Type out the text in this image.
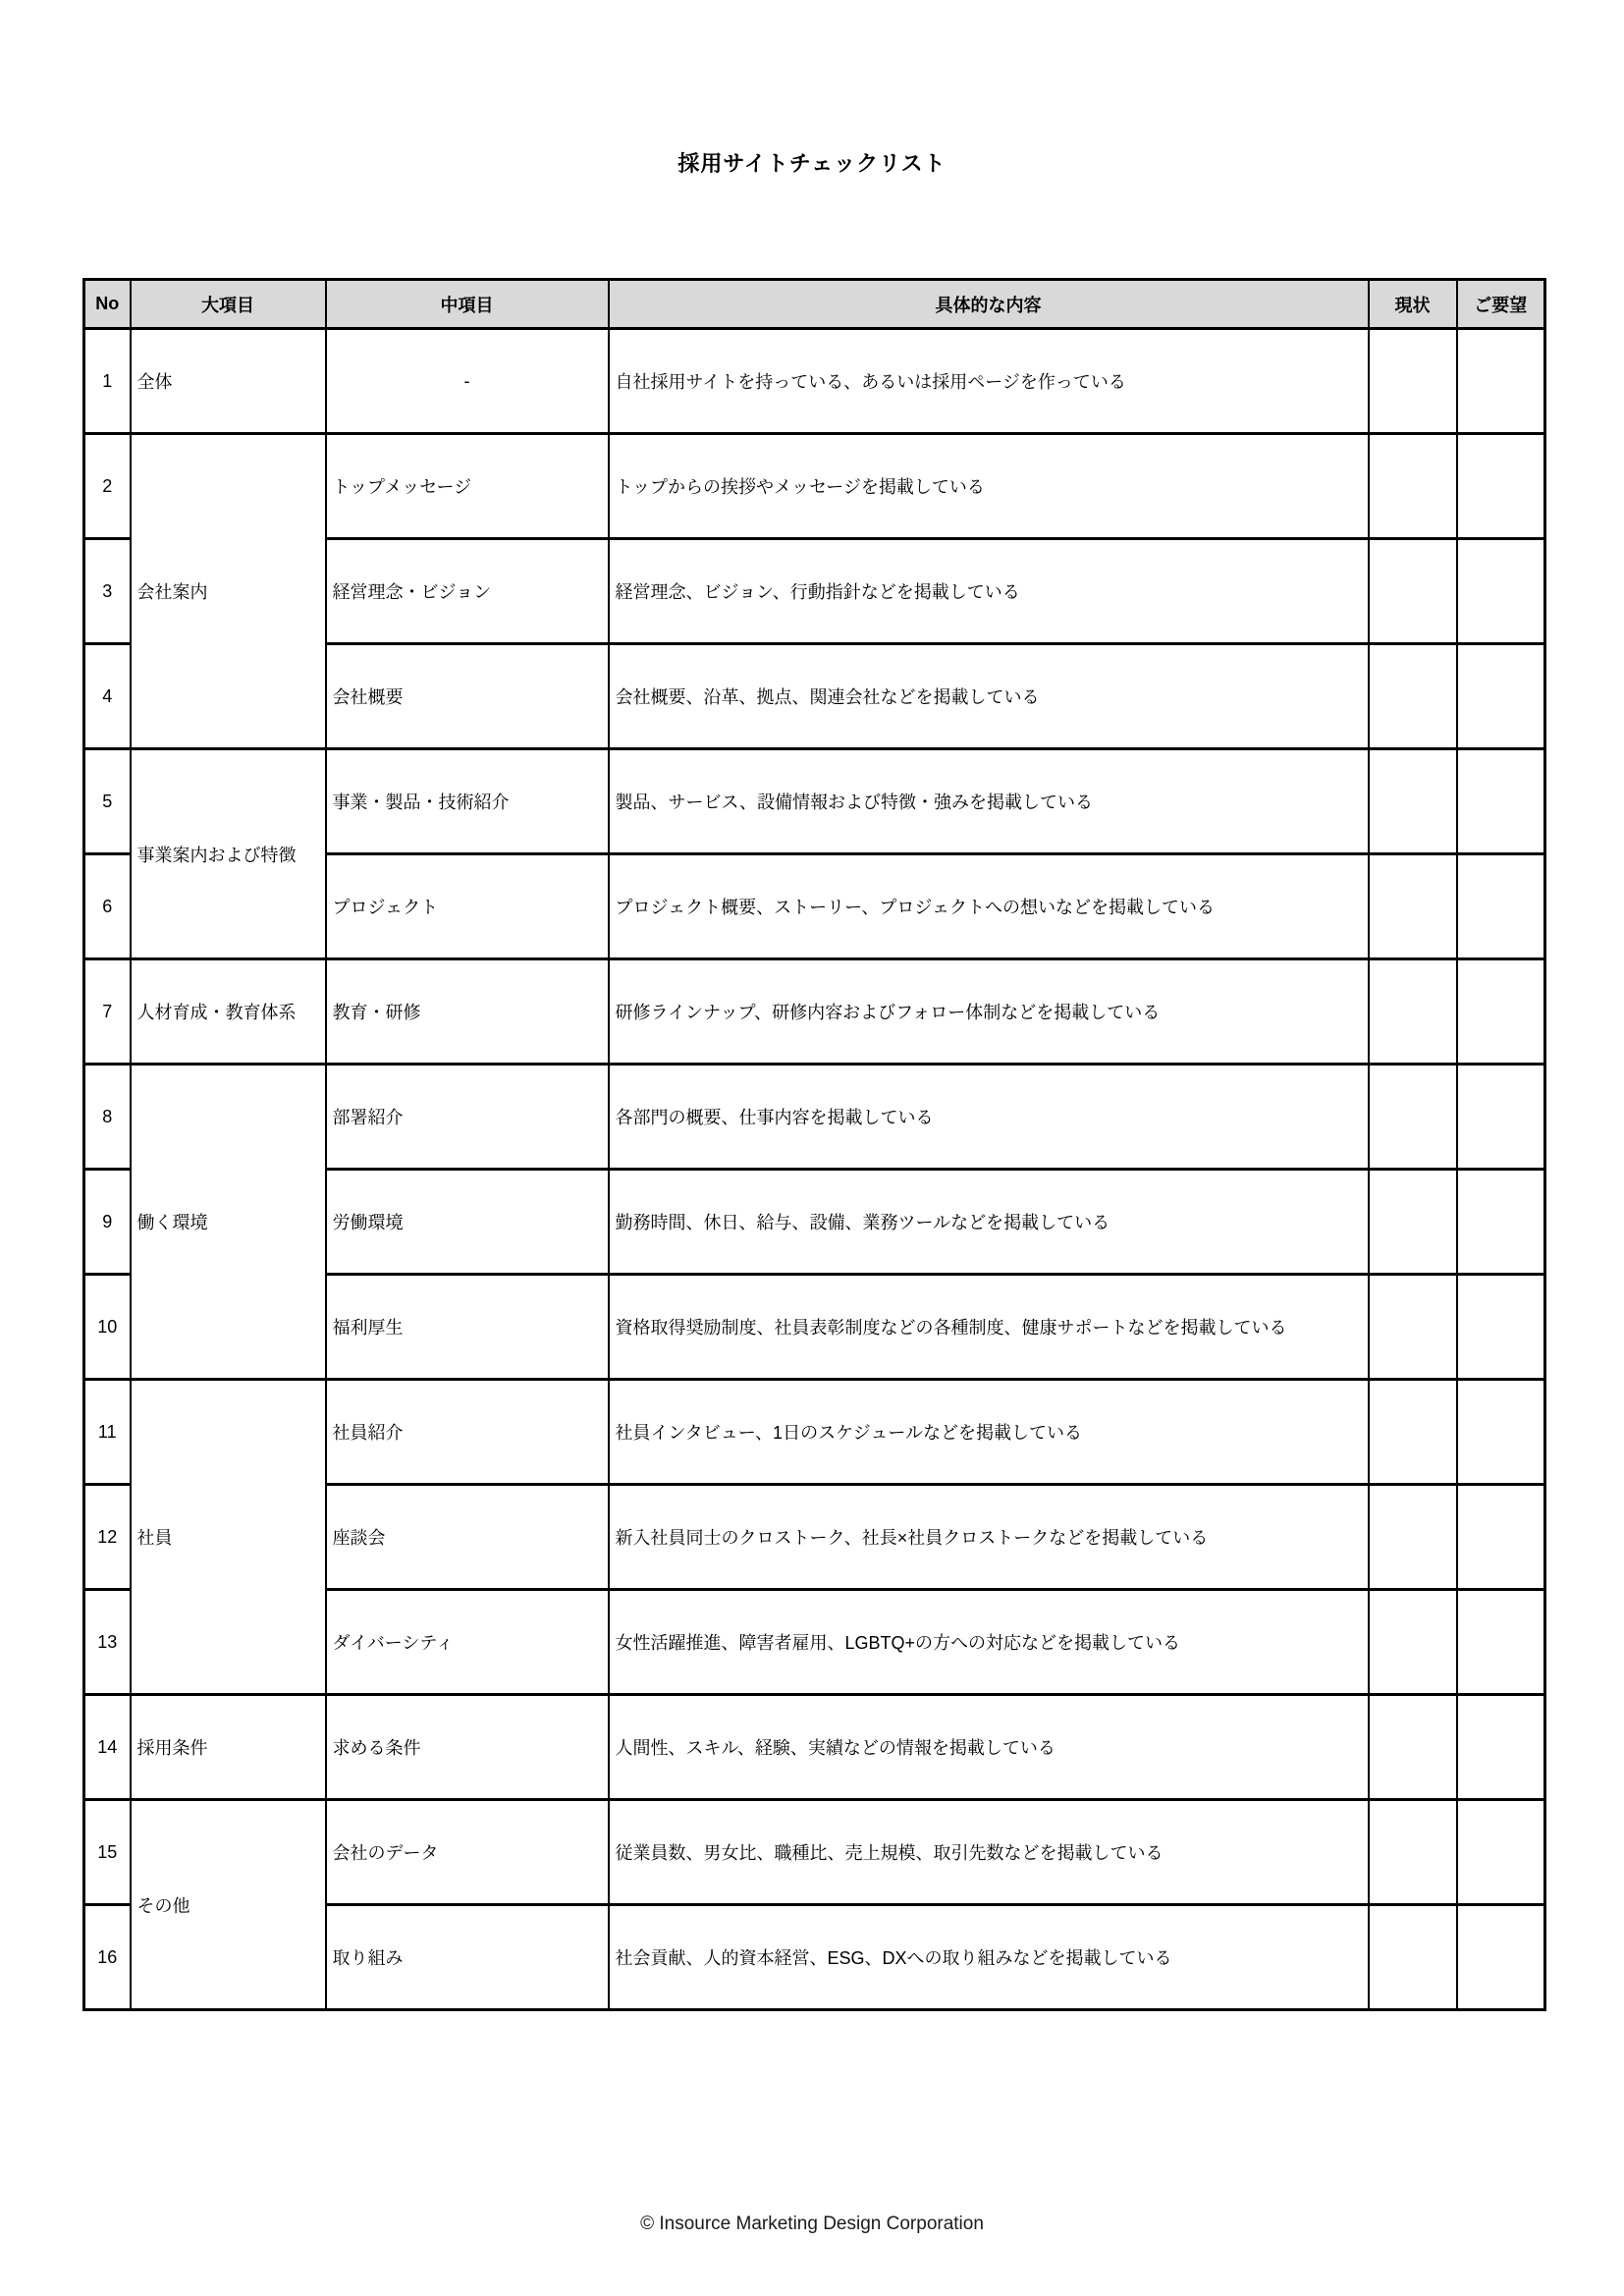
採用サイトチェックリスト
No	大項目	中項目	具体的な内容	現状	ご要望
1	全体	-	自社採用サイトを持っている、あるいは採用ページを作っている		
2	会社案内	トップメッセージ	トップからの挨拶やメッセージを掲載している		
3		経営理念・ビジョン	経営理念、ビジョン、行動指針などを掲載している		
4		会社概要	会社概要、沿革、拠点、関連会社などを掲載している		
5	事業案内および特徴	事業・製品・技術紹介	製品、サービス、設備情報および特徴・強みを掲載している		
6		プロジェクト	プロジェクト概要、ストーリー、プロジェクトへの想いなどを掲載している		
7	人材育成・教育体系	教育・研修	研修ラインナップ、研修内容およびフォロー体制などを掲載している		
8	働く環境	部署紹介	各部門の概要、仕事内容を掲載している		
9		労働環境	勤務時間、休日、給与、設備、業務ツールなどを掲載している		
10		福利厚生	資格取得奨励制度、社員表彰制度などの各種制度、健康サポートなどを掲載している		
11	社員	社員紹介	社員インタビュー、1日のスケジュールなどを掲載している		
12		座談会	新入社員同士のクロストーク、社長×社員クロストークなどを掲載している		
13		ダイバーシティ	女性活躍推進、障害者雇用、LGBTQ+の方への対応などを掲載している		
14	採用条件	求める条件	人間性、スキル、経験、実績などの情報を掲載している		
15	その他	会社のデータ	従業員数、男女比、職種比、売上規模、取引先数などを掲載している		
16		取り組み	社会貢献、人的資本経営、ESG、DXへの取り組みなどを掲載している		
© Insource Marketing Design Corporation
